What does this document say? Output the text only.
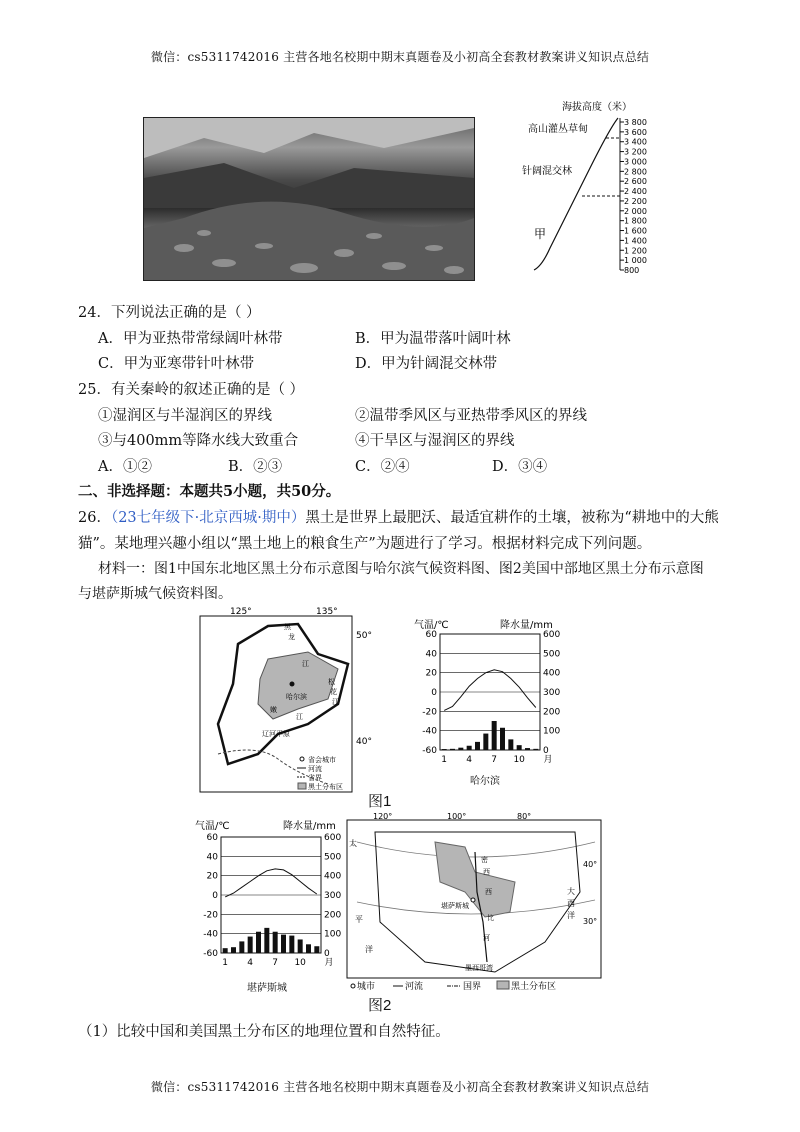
微信：cs5311742016 主营各地名校期中期末真题卷及小初高全套教材教案讲义知识点总结
海拔高度（米）
3 800
3 600
3 400
3 200
3 000
2 800
2 600
2 400
2 200
2 000
1 800
1 600
1 400
1 200
1 000
800
高山灌丛草甸
针阔混交林
甲
24．下列说法正确的是（ ）
A．甲为亚热带常绿阔叶林带	B．甲为温带落叶阔叶林
C．甲为亚寒带针叶林带	D．甲为针阔混交林带
25．有关秦岭的叙述正确的是（ ）
①湿润区与半湿润区的界线	②温带季风区与亚热带季风区的界线
③与400mm等降水线大致重合	④干旱区与湿润区的界线
A．①②	B．②③	C．②④	D．③④
二、非选择题：本题共5小题，共50分。
26．（23七年级下·北京西城·期中）黑土是世界上最肥沃、最适宜耕作的土壤，被称为“耕地中的大熊
猫”。某地理兴趣小组以“黑土地上的粮食生产”为题进行了学习。根据材料完成下列问题。
材料一：图1中国东北地区黑土分布示意图与哈尔滨气候资料图、图2美国中部地区黑土分布示意图
与堪萨斯城气候资料图。
125°	135°
50°
40°
哈尔滨
黑
龙
江
松
花
江
嫩
江
辽河平原
省会城市
河流
省界
黑土分布区
气温/℃	降水量/mm
60
40
20
0
-20
-40
-60
600
500
400
300
200
100
0
1 4 7 10 月
哈尔滨
图1
气温/℃	降水量/mm
60
40
20
0
-20
-40
-60
600
500
400
300
200
100
0
1 4 7 10 月
堪萨斯城
120°	100°	80°
40°
30°
太
平
洋
大
西
洋
墨西哥湾
堪萨斯城
密
西
西
比
河
城市	河流	国界	黑土分布区
图2
（1）比较中国和美国黑土分布区的地理位置和自然特征。
微信：cs5311742016 主营各地名校期中期末真题卷及小初高全套教材教案讲义知识点总结
